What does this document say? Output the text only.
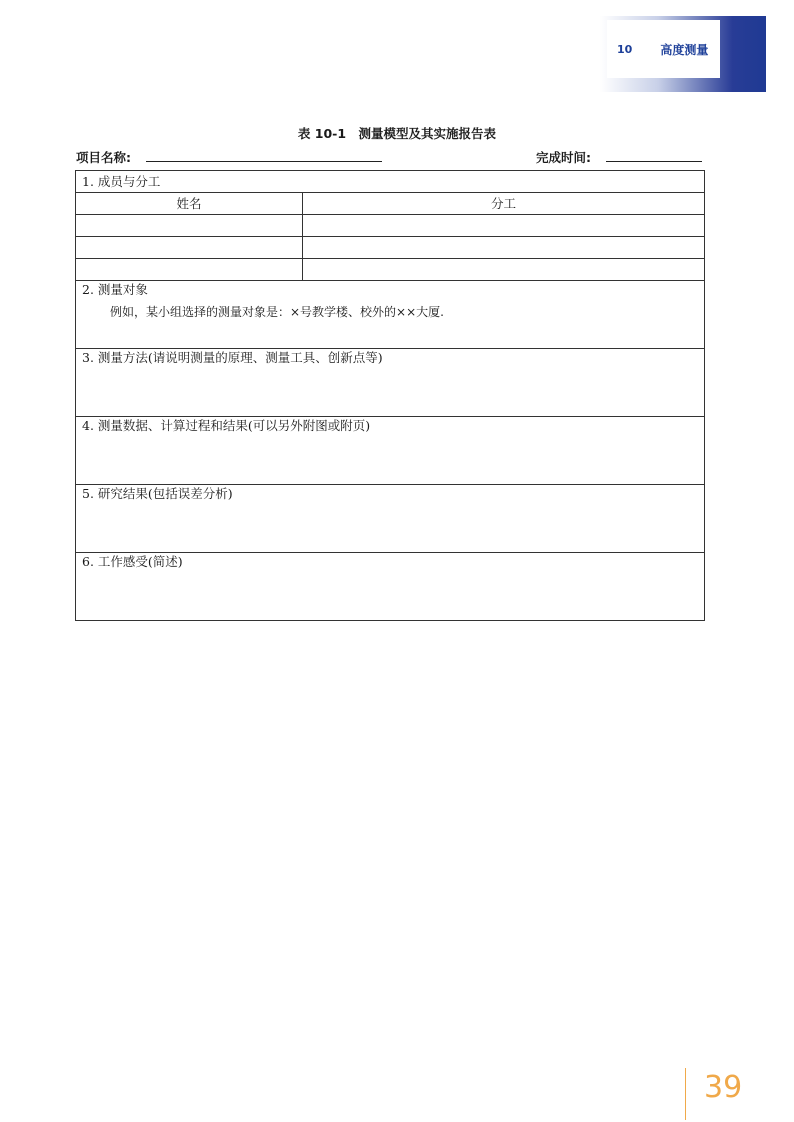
10 高度测量
表 10-1　测量模型及其实施报告表
项目名称:	完成时间:
1. 成员与分工	
姓名	分工

2. 测量对象
例如，某小组选择的测量对象是：×号教学楼、校外的××大厦.	

3. 测量方法(请说明测量的原理、测量工具、创新点等)	
4. 测量数据、计算过程和结果(可以另外附图或附页)	
5. 研究结果(包括误差分析)	
6. 工作感受(简述)	
39
